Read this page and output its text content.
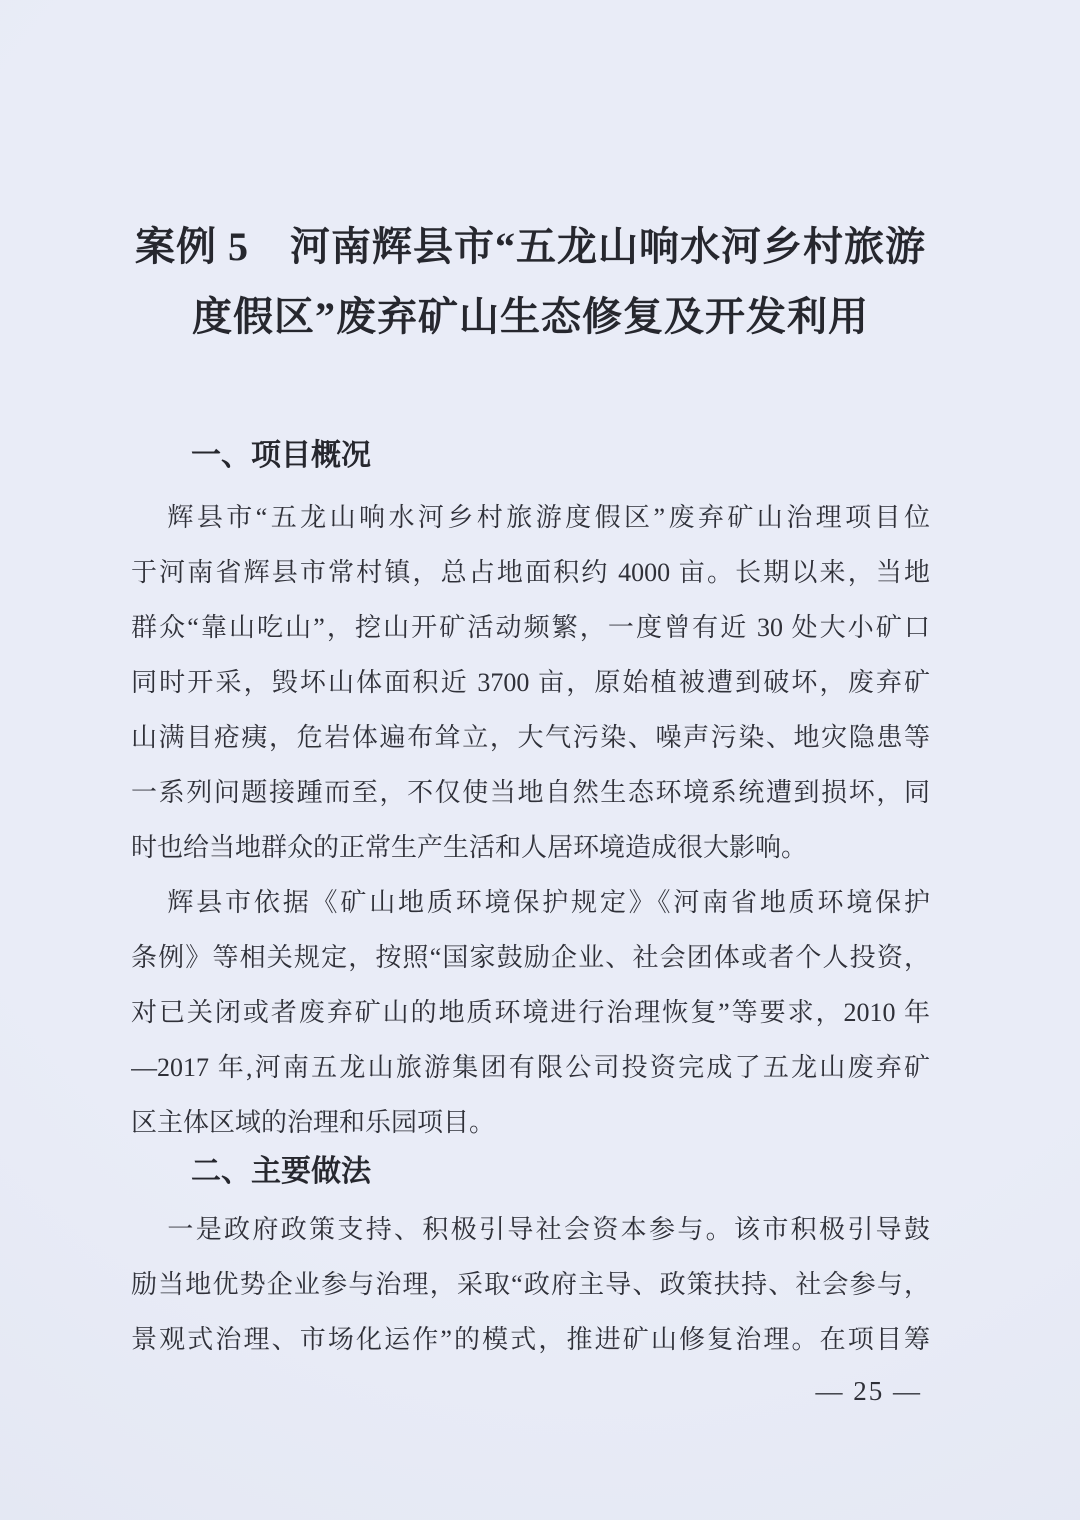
案例 5　河南辉县市“五龙山响水河乡村旅游
度假区”废弃矿山生态修复及开发利用
一、项目概况
辉县市“五龙山响水河乡村旅游度假区”废弃矿山治理项目位
于河南省辉县市常村镇，总占地面积约 4000 亩。长期以来，当地
群众“靠山吃山”，挖山开矿活动频繁，一度曾有近 30 处大小矿口
同时开采，毁坏山体面积近 3700 亩，原始植被遭到破坏，废弃矿
山满目疮痍，危岩体遍布耸立，大气污染、噪声污染、地灾隐患等
一系列问题接踵而至，不仅使当地自然生态环境系统遭到损坏，同
时也给当地群众的正常生产生活和人居环境造成很大影响。
辉县市依据《矿山地质环境保护规定》《河南省地质环境保护
条例》等相关规定，按照“国家鼓励企业、社会团体或者个人投资，
对已关闭或者废弃矿山的地质环境进行治理恢复”等要求，2010 年
—2017 年,河南五龙山旅游集团有限公司投资完成了五龙山废弃矿
区主体区域的治理和乐园项目。
二、主要做法
一是政府政策支持、积极引导社会资本参与。该市积极引导鼓
励当地优势企业参与治理，采取“政府主导、政策扶持、社会参与，
景观式治理、市场化运作”的模式，推进矿山修复治理。在项目筹
— 25 —
